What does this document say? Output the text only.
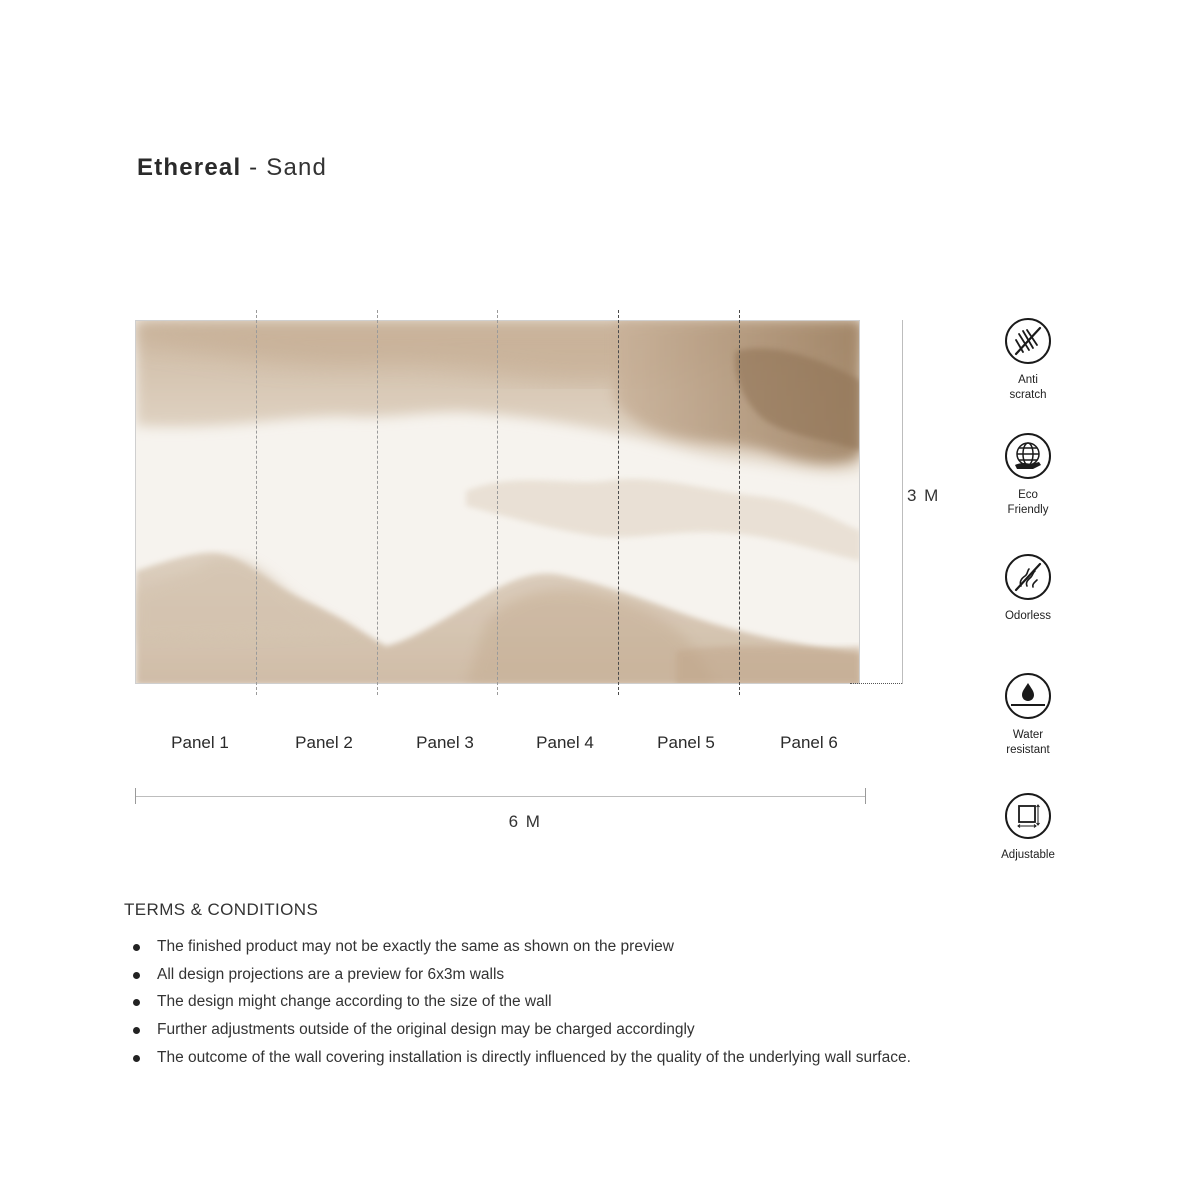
Ethereal - Sand
3 M
Panel 1	Panel 2	Panel 3	Panel 4	Panel 5	Panel 6
6 M
Anti
scratch
Eco
Friendly
Odorless
Water
resistant
Adjustable
TERMS & CONDITIONS
The finished product may not be exactly the same as shown on the preview
All design projections are a preview for 6x3m walls
The design might change according to the size of the wall
Further adjustments outside of the original design may be charged accordingly
The outcome of the wall covering installation is directly influenced by the quality of the underlying wall surface.
